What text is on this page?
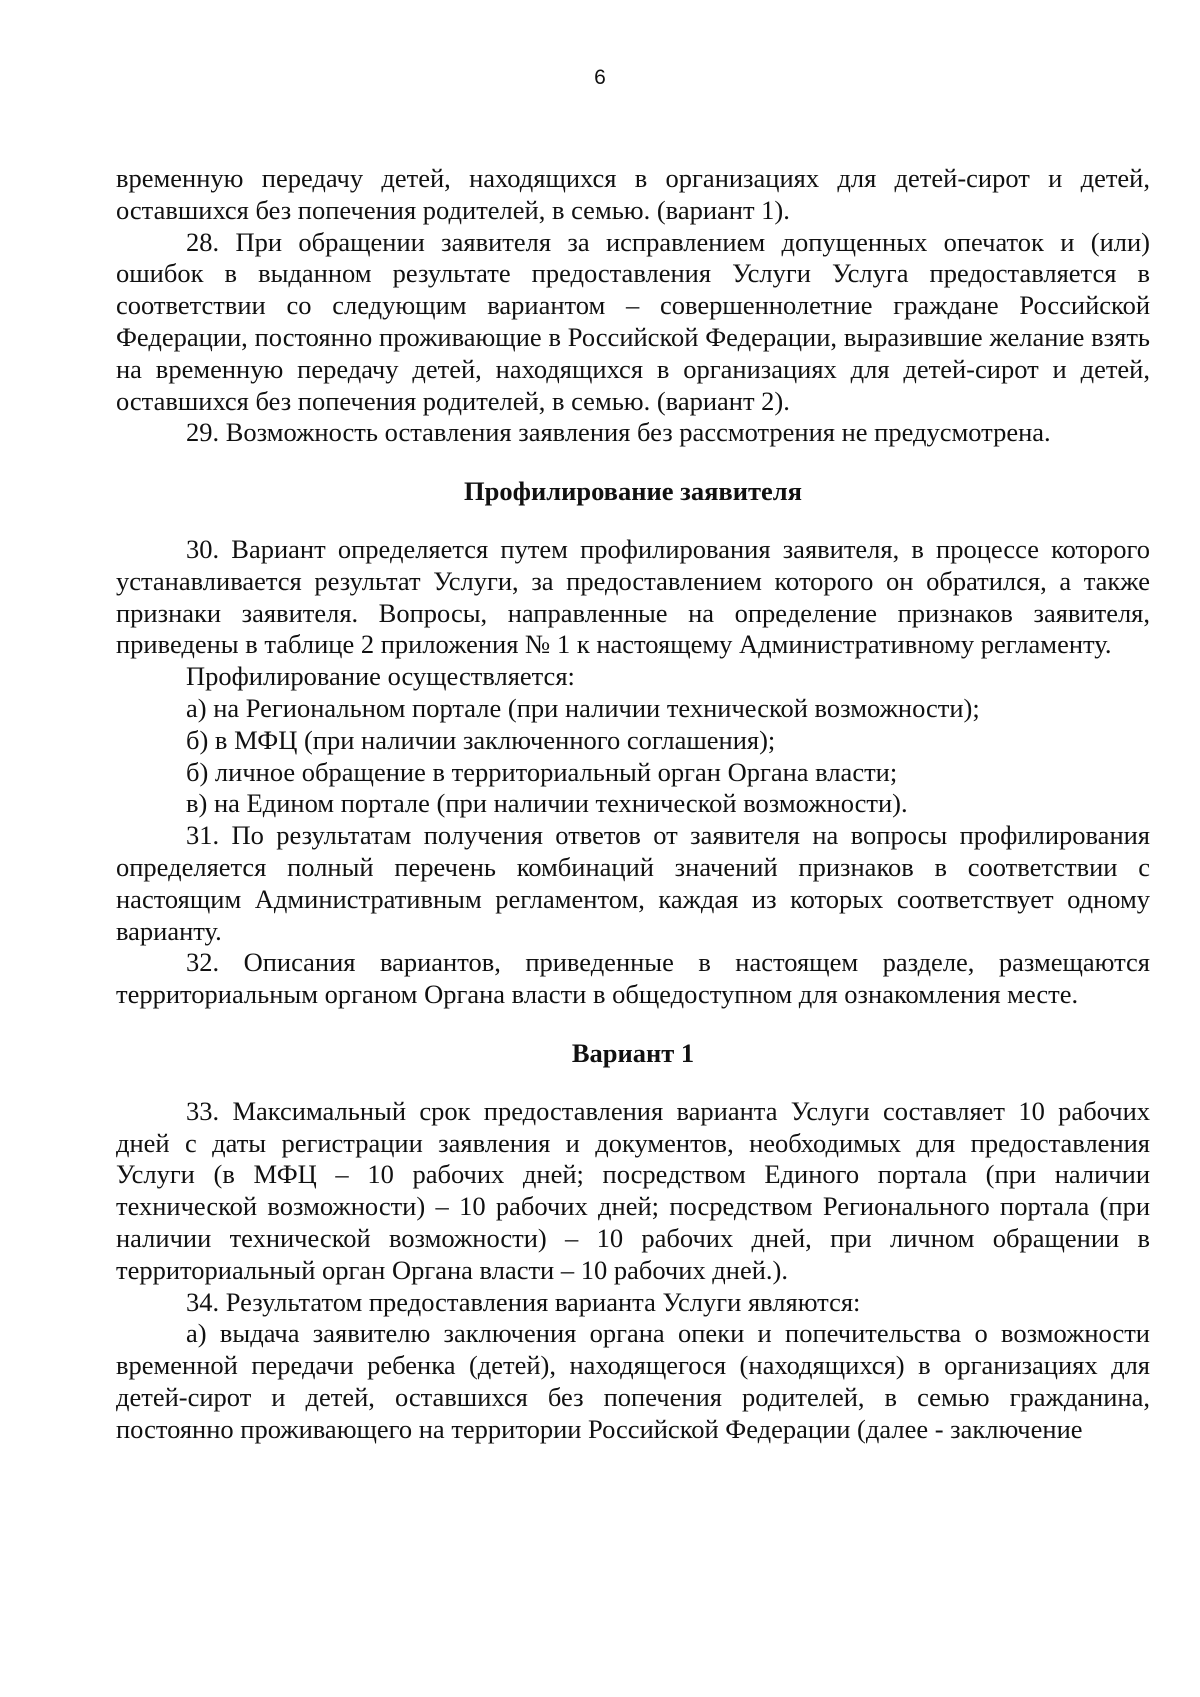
6

временную передачу детей, находящихся в организациях для детей-сирот и детей, оставшихся без попечения родителей, в семью. (вариант 1).

28. При обращении заявителя за исправлением допущенных опечаток и (или) ошибок в выданном результате предоставления Услуги Услуга предоставляется в соответствии со следующим вариантом – совершеннолетние граждане Российской Федерации, постоянно проживающие в Российской Федерации, выразившие желание взять на временную передачу детей, находящихся в организациях для детей-сирот и детей, оставшихся без попечения родителей, в семью. (вариант 2).

29. Возможность оставления заявления без рассмотрения не предусмотрена.

Профилирование заявителя

30. Вариант определяется путем профилирования заявителя, в процессе которого устанавливается результат Услуги, за предоставлением которого он обратился, а также признаки заявителя. Вопросы, направленные на определение признаков заявителя, приведены в таблице 2 приложения № 1 к настоящему Административному регламенту.

Профилирование осуществляется:

а) на Региональном портале (при наличии технической возможности);

б) в МФЦ (при наличии заключенного соглашения);

б) личное обращение в территориальный орган Органа власти;

в) на Едином портале (при наличии технической возможности).

31. По результатам получения ответов от заявителя на вопросы профилирования определяется полный перечень комбинаций значений признаков в соответствии с настоящим Административным регламентом, каждая из которых соответствует одному варианту.

32. Описания вариантов, приведенные в настоящем разделе, размещаются территориальным органом Органа власти в общедоступном для ознакомления месте.

Вариант 1

33. Максимальный срок предоставления варианта Услуги составляет 10 рабочих дней с даты регистрации заявления и документов, необходимых для предоставления Услуги (в МФЦ – 10 рабочих дней; посредством Единого портала (при наличии технической возможности) – 10 рабочих дней; посредством Регионального портала (при наличии технической возможности) – 10 рабочих дней, при личном обращении в территориальный орган Органа власти – 10 рабочих дней.).

34. Результатом предоставления варианта Услуги являются:

а) выдача заявителю заключения органа опеки и попечительства о возможности временной передачи ребенка (детей), находящегося (находящихся) в организациях для детей-сирот и детей, оставшихся без попечения родителей, в семью гражданина, постоянно проживающего на территории Российской Федерации (далее - заключение
